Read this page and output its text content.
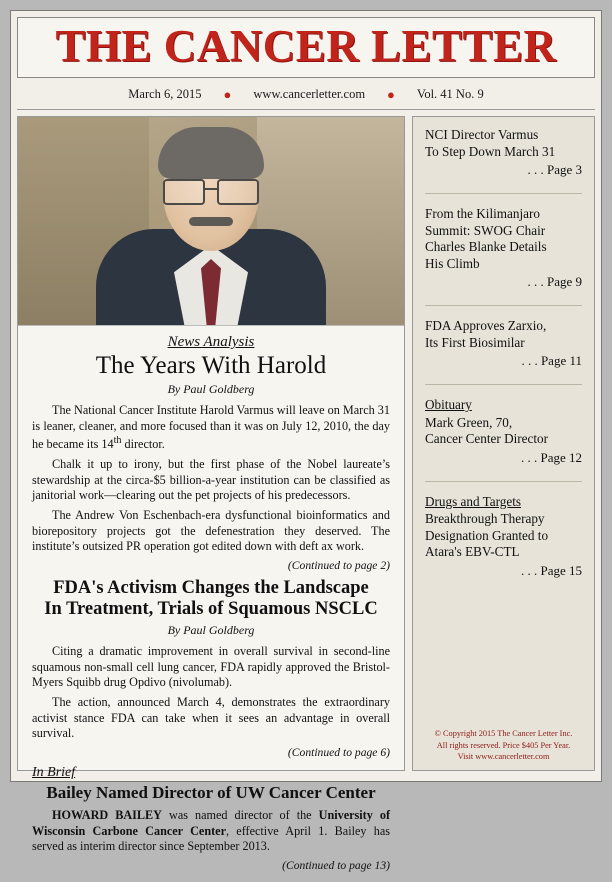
THE CANCER LETTER
March 6, 2015 ● www.cancerletter.com ● Vol. 41 No. 9
News Analysis
The Years With Harold
By Paul Goldberg

The National Cancer Institute Harold Varmus will leave on March 31 is leaner, cleaner, and more focused than it was on July 12, 2010, the day he became its 14th director.

Chalk it up to irony, but the first phase of the Nobel laureate’s stewardship at the circa-$5 billion-a-year institution can be classified as janitorial work—clearing out the pet projects of his predecessors.

The Andrew Von Eschenbach-era dysfunctional bioinformatics and biorepository projects got the defenestration they deserved. The institute’s outsized PR operation got edited down with deft ax work.

(Continued to page 2)
FDA's Activism Changes the Landscape
In Treatment, Trials of Squamous NSCLC
By Paul Goldberg

Citing a dramatic improvement in overall survival in second-line squamous non-small cell lung cancer, FDA rapidly approved the Bristol-Myers Squibb drug Opdivo (nivolumab).

The action, announced March 4, demonstrates the extraordinary activist stance FDA can take when it sees an advantage in overall survival.

(Continued to page 6)
In Brief
Bailey Named Director of UW Cancer Center

HOWARD BAILEY was named director of the University of Wisconsin Carbone Cancer Center, effective April 1. Bailey has served as interim director since September 2013.

(Continued to page 13)
NCI Director Varmus
To Step Down March 31
. . . Page 3
From the Kilimanjaro
Summit: SWOG Chair
Charles Blanke Details
His Climb
. . . Page 9
FDA Approves Zarxio,
Its First Biosimilar
. . . Page 11
Obituary
Mark Green, 70,
Cancer Center Director
. . . Page 12
Drugs and Targets
Breakthrough Therapy
Designation Granted to
Atara's EBV-CTL
. . . Page 15
© Copyright 2015 The Cancer Letter Inc.
All rights reserved. Price $405 Per Year.
Visit www.cancerletter.com
